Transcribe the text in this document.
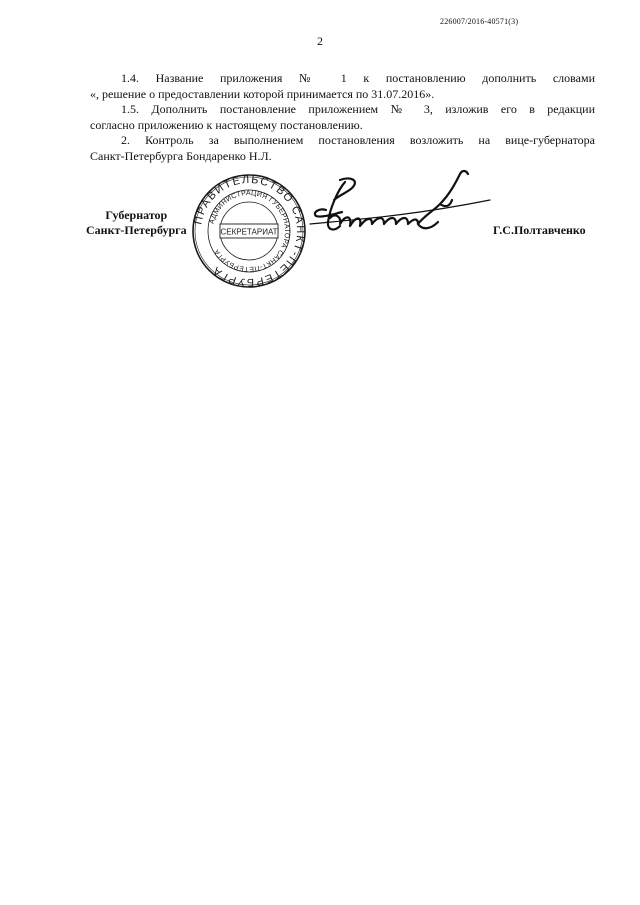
226007/2016-40571(3)
2

1.4. Название приложения № 1 к постановлению дополнить словами
«, решение о предоставлении которой принимается по 31.07.2016».

1.5. Дополнить постановление приложением № 3, изложив его в редакции
согласно приложению к настоящему постановлению.

2. Контроль за выполнением постановления возложить на вице-губернатора
Санкт-Петербурга Бондаренко Н.Л.

ПРАВИТЕЛЬСТВО САНКТ-ПЕТЕРБУРГА
АДМИНИСТРАЦИЯ ГУБЕРНАТОРА САНКТ-ПЕТЕРБУРГА
СЕКРЕТАРИАТ
Губернатор
Санкт-Петербурга	Г.С.Полтавченко
